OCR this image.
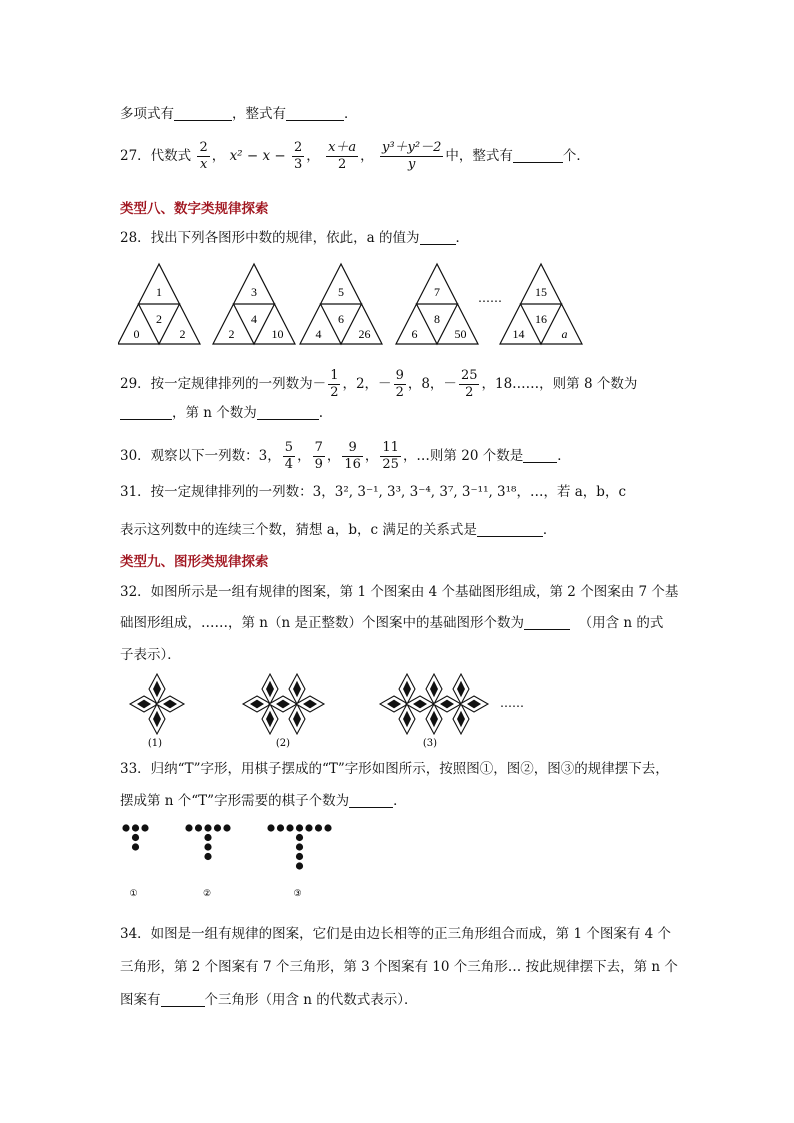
多项式有	，整式有	．
27．代数式 $\frac{2}{x}$ ， $x^2 - x - \frac{2}{3}$ ， $\frac{x+a}{2}$ ， $\frac{\text{y³＋y²－2}}{y}$ 中，整式有	个．
类型八、数字类规律探索
28．找出下列各图形中数的规律，依此，a 的值为	．
1
2
0	2
3
4
2	10
5
6
4	26
7
8
6	50
15
16
14	a
……
29．按一定规律排列的一列数为－ $\frac{1}{2}$ ，2，－ $\frac{9}{2}$ ，8，－ $\frac{25}{2}$ ，18……，则第 8 个数为
，第 n 个数为	.
30．观察以下一列数：3， $\frac{5}{4}$ ， $\frac{7}{9}$ ， $\frac{9}{16}$ ， $\frac{11}{25}$ ，…则第 20 个数是	．
31．按一定规律排列的一列数：3，3², 3⁻¹, 3³, 3⁻⁴, 3⁷, 3⁻¹¹, 3¹⁸，…，若 a，b，c
表示这列数中的连续三个数，猜想 a，b，c 满足的关系式是	．
类型九、图形类规律探索
32．如图所示是一组有规律的图案，第 1 个图案由 4 个基础图形组成，第 2 个图案由 7 个基
础图形组成，……，第 n（n 是正整数）个图案中的基础图形个数为	（用含 n 的式
子表示）．
(1)	(2)	(3)
……
33．归纳“T”字形，用棋子摆成的“T”字形如图所示，按照图①，图②，图③的规律摆下去，
摆成第 n 个“T”字形需要的棋子个数为	．
①	②	③
34．如图是一组有规律的图案，它们是由边长相等的正三角形组合而成，第 1 个图案有 4 个
三角形，第 2 个图案有 7 个三角形，第 3 个图案有 10 个三角形… 按此规律摆下去，第 n 个
图案有	个三角形（用含 n 的代数式表示）．
